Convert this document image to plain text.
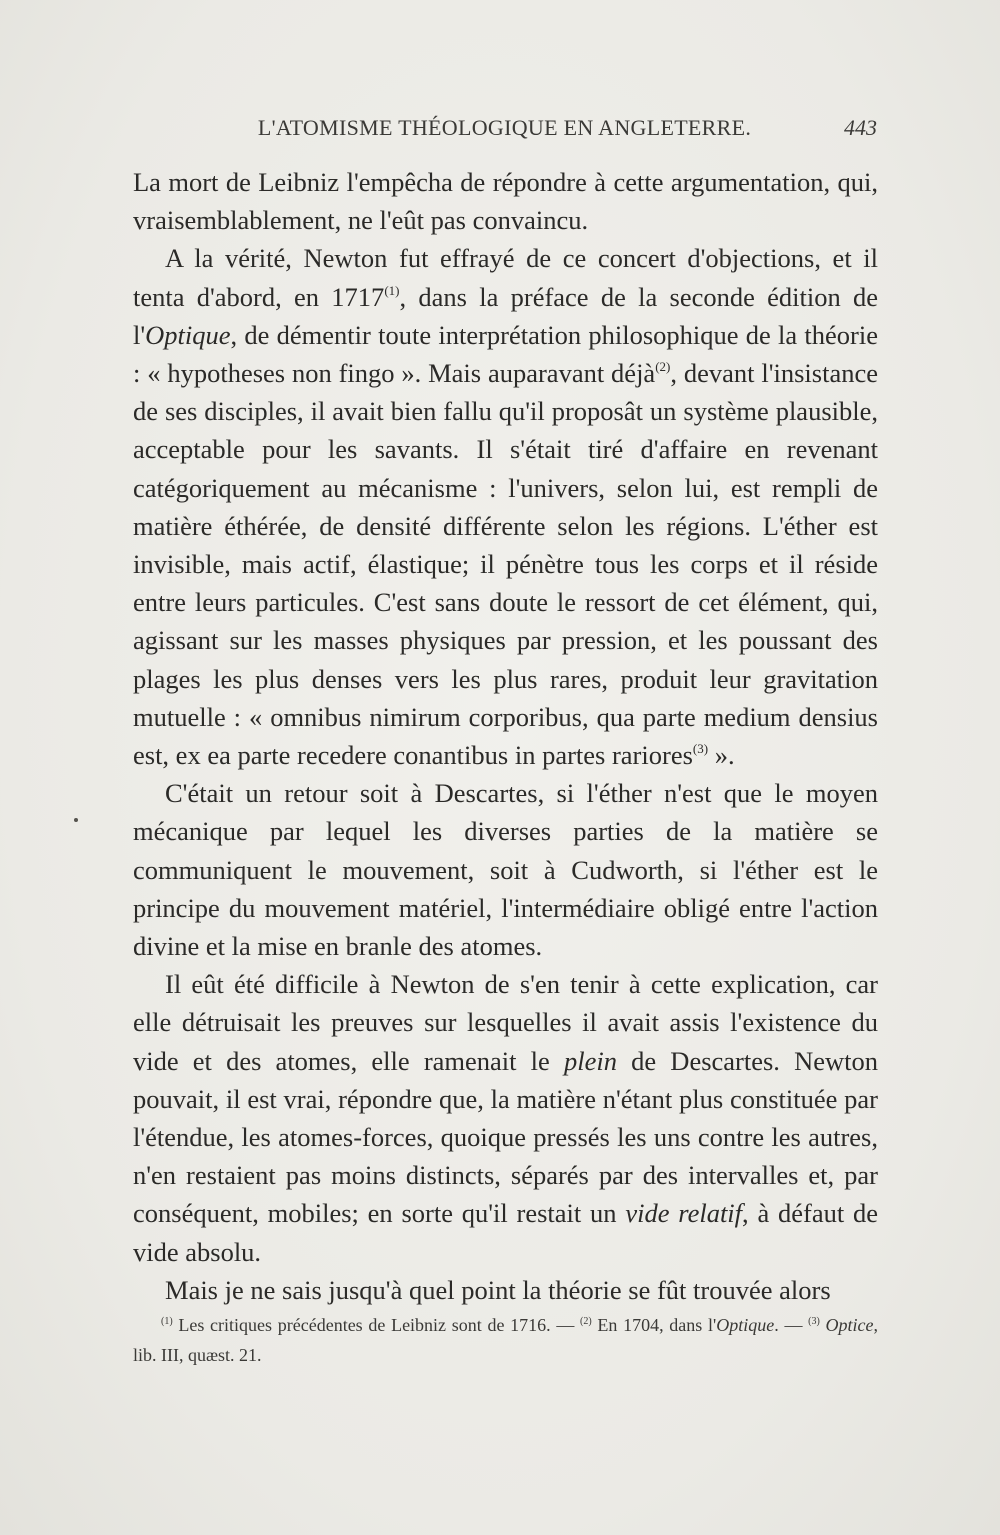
L'ATOMISME THÉOLOGIQUE EN ANGLETERRE.	443

La mort de Leibniz l'empêcha de répondre à cette argumentation, qui, vraisemblablement, ne l'eût pas convaincu.

A la vérité, Newton fut effrayé de ce concert d'objections, et il tenta d'abord, en 1717$^{(1)}$, dans la préface de la seconde édition de l'Optique, de démentir toute interprétation philosophique de la théorie : « hypotheses non fingo ». Mais auparavant déjà$^{(2)}$, devant l'insistance de ses disciples, il avait bien fallu qu'il proposât un système plausible, acceptable pour les savants. Il s'était tiré d'affaire en revenant catégoriquement au mécanisme : l'univers, selon lui, est rempli de matière éthérée, de densité différente selon les régions. L'éther est invisible, mais actif, élastique; il pénètre tous les corps et il réside entre leurs particules. C'est sans doute le ressort de cet élément, qui, agissant sur les masses physiques par pression, et les poussant des plages les plus denses vers les plus rares, produit leur gravitation mutuelle : « omnibus nimirum corporibus, qua parte medium densius est, ex ea parte recedere conantibus in partes rariores$^{(3)}$ ».

C'était un retour soit à Descartes, si l'éther n'est que le moyen mécanique par lequel les diverses parties de la matière se communiquent le mouvement, soit à Cudworth, si l'éther est le principe du mouvement matériel, l'intermédiaire obligé entre l'action divine et la mise en branle des atomes.

Il eût été difficile à Newton de s'en tenir à cette explication, car elle détruisait les preuves sur lesquelles il avait assis l'existence du vide et des atomes, elle ramenait le plein de Descartes. Newton pouvait, il est vrai, répondre que, la matière n'étant plus constituée par l'étendue, les atomes-forces, quoique pressés les uns contre les autres, n'en restaient pas moins distincts, séparés par des intervalles et, par conséquent, mobiles; en sorte qu'il restait un vide relatif, à défaut de vide absolu.

Mais je ne sais jusqu'à quel point la théorie se fût trouvée alors

$^{(1)}$ Les critiques précédentes de Leibniz sont de 1716. — $^{(2)}$ En 1704, dans l'Optique. — $^{(3)}$ Optice, lib. III, quæst. 21.
